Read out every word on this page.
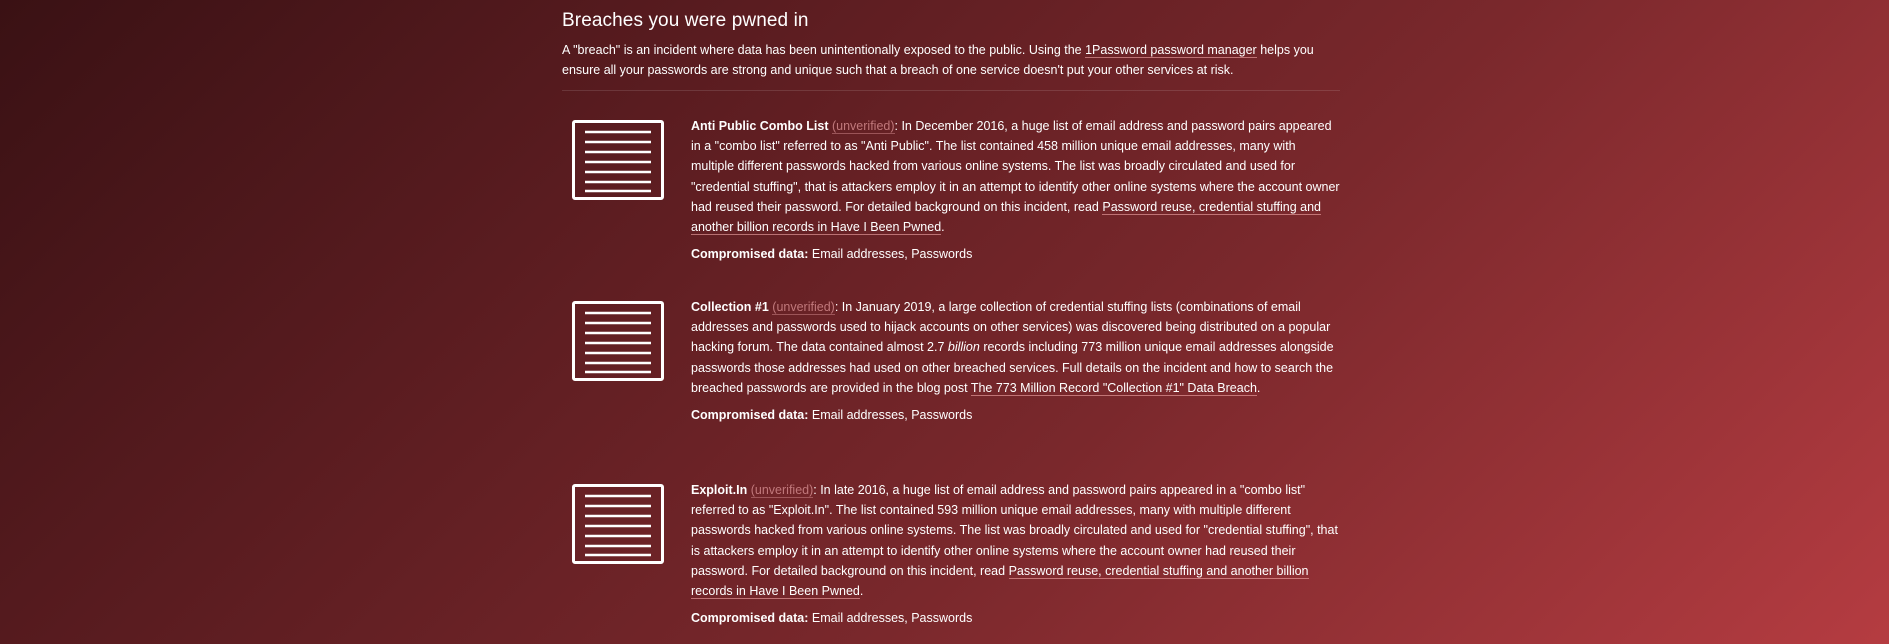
Breaches you were pwned in

A "breach" is an incident where data has been unintentionally exposed to the public. Using the 1Password password manager helps you ensure all your passwords are strong and unique such that a breach of one service doesn't put your other services at risk.

Anti Public Combo List (unverified): In December 2016, a huge list of email address and password pairs appeared in a "combo list" referred to as "Anti Public". The list contained 458 million unique email addresses, many with multiple different passwords hacked from various online systems. The list was broadly circulated and used for "credential stuffing", that is attackers employ it in an attempt to identify other online systems where the account owner had reused their password. For detailed background on this incident, read Password reuse, credential stuffing and another billion records in Have I Been Pwned.
Compromised data: Email addresses, Passwords
Collection #1 (unverified): In January 2019, a large collection of credential stuffing lists (combinations of email addresses and passwords used to hijack accounts on other services) was discovered being distributed on a popular hacking forum. The data contained almost 2.7 billion records including 773 million unique email addresses alongside passwords those addresses had used on other breached services. Full details on the incident and how to search the breached passwords are provided in the blog post The 773 Million Record "Collection #1" Data Breach.
Compromised data: Email addresses, Passwords
Exploit.In (unverified): In late 2016, a huge list of email address and password pairs appeared in a "combo list" referred to as "Exploit.In". The list contained 593 million unique email addresses, many with multiple different passwords hacked from various online systems. The list was broadly circulated and used for "credential stuffing", that is attackers employ it in an attempt to identify other online systems where the account owner had reused their password. For detailed background on this incident, read Password reuse, credential stuffing and another billion records in Have I Been Pwned.
Compromised data: Email addresses, Passwords
